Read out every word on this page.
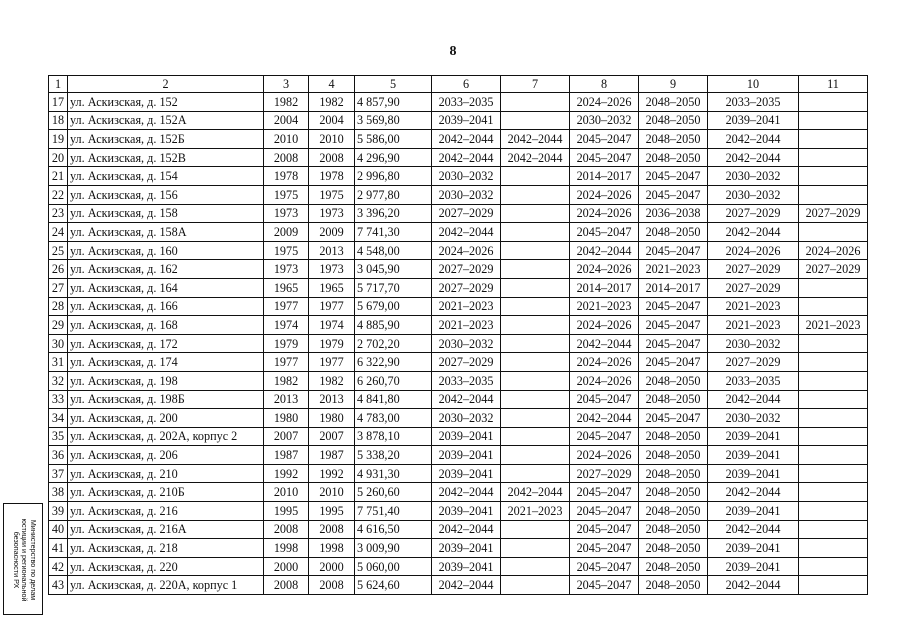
8
1	2	3	4	5	6	7	8	9	10	11
17	ул. Аскизская, д. 152	1982	1982	4 857,90	2033–2035		2024–2026	2048–2050	2033–2035	
18	ул. Аскизская, д. 152А	2004	2004	3 569,80	2039–2041		2030–2032	2048–2050	2039–2041	
19	ул. Аскизская, д. 152Б	2010	2010	5 586,00	2042–2044	2042–2044	2045–2047	2048–2050	2042–2044	
20	ул. Аскизская, д. 152В	2008	2008	4 296,90	2042–2044	2042–2044	2045–2047	2048–2050	2042–2044	
21	ул. Аскизская, д. 154	1978	1978	2 996,80	2030–2032		2014–2017	2045–2047	2030–2032	
22	ул. Аскизская, д. 156	1975	1975	2 977,80	2030–2032		2024–2026	2045–2047	2030–2032	
23	ул. Аскизская, д. 158	1973	1973	3 396,20	2027–2029		2024–2026	2036–2038	2027–2029	2027–2029
24	ул. Аскизская, д. 158А	2009	2009	7 741,30	2042–2044		2045–2047	2048–2050	2042–2044	
25	ул. Аскизская, д. 160	1975	2013	4 548,00	2024–2026		2042–2044	2045–2047	2024–2026	2024–2026
26	ул. Аскизская, д. 162	1973	1973	3 045,90	2027–2029		2024–2026	2021–2023	2027–2029	2027–2029
27	ул. Аскизская, д. 164	1965	1965	5 717,70	2027–2029		2014–2017	2014–2017	2027–2029	
28	ул. Аскизская, д. 166	1977	1977	5 679,00	2021–2023		2021–2023	2045–2047	2021–2023	
29	ул. Аскизская, д. 168	1974	1974	4 885,90	2021–2023		2024–2026	2045–2047	2021–2023	2021–2023
30	ул. Аскизская, д. 172	1979	1979	2 702,20	2030–2032		2042–2044	2045–2047	2030–2032	
31	ул. Аскизская, д. 174	1977	1977	6 322,90	2027–2029		2024–2026	2045–2047	2027–2029	
32	ул. Аскизская, д. 198	1982	1982	6 260,70	2033–2035		2024–2026	2048–2050	2033–2035	
33	ул. Аскизская, д. 198Б	2013	2013	4 841,80	2042–2044		2045–2047	2048–2050	2042–2044	
34	ул. Аскизская, д. 200	1980	1980	4 783,00	2030–2032		2042–2044	2045–2047	2030–2032	
35	ул. Аскизская, д. 202А, корпус 2	2007	2007	3 878,10	2039–2041		2045–2047	2048–2050	2039–2041	
36	ул. Аскизская, д. 206	1987	1987	5 338,20	2039–2041		2024–2026	2048–2050	2039–2041	
37	ул. Аскизская, д. 210	1992	1992	4 931,30	2039–2041		2027–2029	2048–2050	2039–2041	
38	ул. Аскизская, д. 210Б	2010	2010	5 260,60	2042–2044	2042–2044	2045–2047	2048–2050	2042–2044	
39	ул. Аскизская, д. 216	1995	1995	7 751,40	2039–2041	2021–2023	2045–2047	2048–2050	2039–2041	
40	ул. Аскизская, д. 216А	2008	2008	4 616,50	2042–2044		2045–2047	2048–2050	2042–2044	
41	ул. Аскизская, д. 218	1998	1998	3 009,90	2039–2041		2045–2047	2048–2050	2039–2041	
42	ул. Аскизская, д. 220	2000	2000	5 060,00	2039–2041		2045–2047	2048–2050	2039–2041	
43	ул. Аскизская, д. 220А, корпус 1	2008	2008	5 624,60	2042–2044		2045–2047	2048–2050	2042–2044	
Министерство по делам
юстиции и региональной
безопасности РХ
